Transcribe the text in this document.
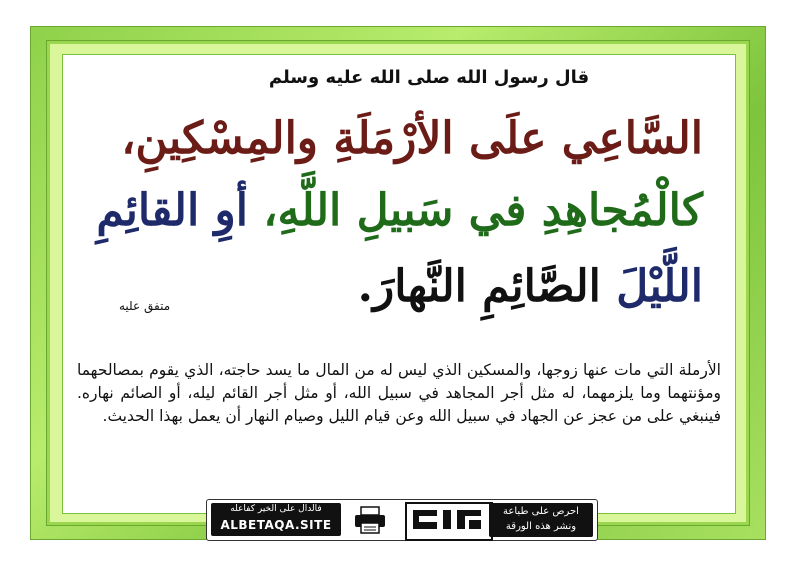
قال رسول الله صلى الله عليه وسلم
السَّاعِي علَى الأرْمَلَةِ والمِسْكِينِ،
كالْمُجاهِدِ في سَبيلِ اللَّهِ، أوِ القائِمِ
اللَّيْلَ الصَّائِمِ النَّهارَ.
متفق عليه
الأرملة التي مات عنها زوجها، والمسكين الذي ليس له من المال ما يسد حاجته، الذي يقوم بمصالحهما ومؤنتهما وما يلزمهما، له مثل أجر المجاهد في سبيل الله، أو مثل أجر القائم ليله، أو الصائم نهاره. فينبغي على من عجز عن الجهاد في سبيل الله وعن قيام الليل وصيام النهار أن يعمل بهذا الحديث.
فالدال على الخير كفاعله
ALBETAQA.SITE
احرص على طباعة
ونشر هذه الورقة
